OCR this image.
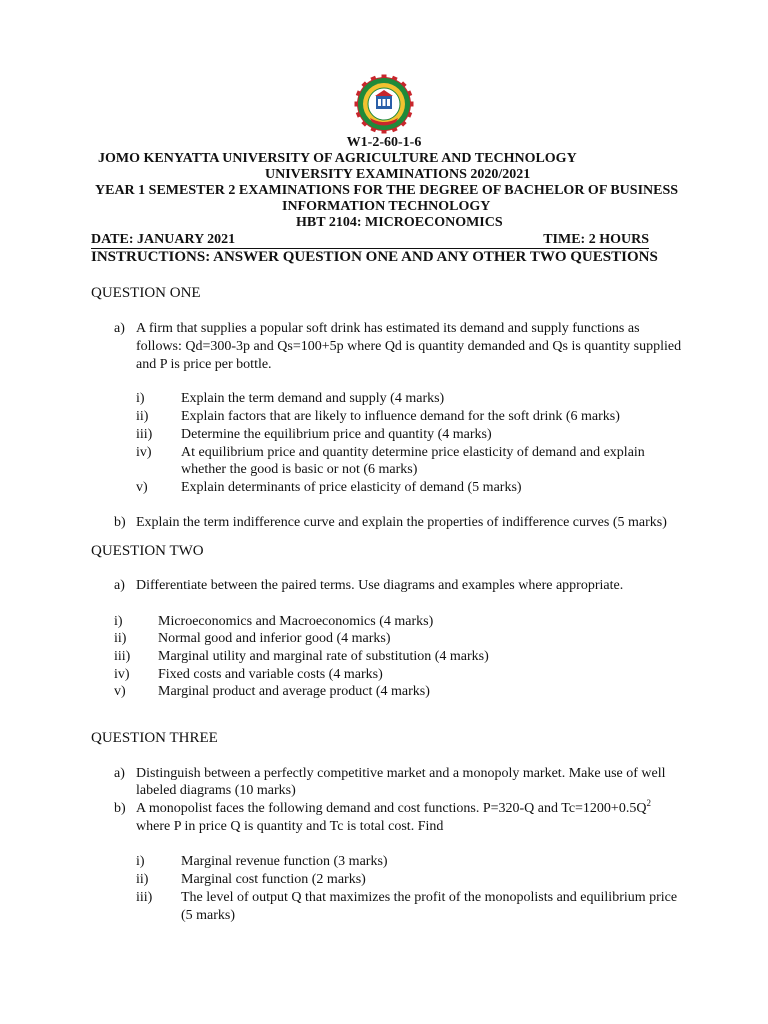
W1-2-60-1-6
JOMO KENYATTA UNIVERSITY OF AGRICULTURE AND TECHNOLOGY
UNIVERSITY EXAMINATIONS 2020/2021
YEAR 1 SEMESTER 2 EXAMINATIONS FOR THE DEGREE OF BACHELOR OF BUSINESS
INFORMATION TECHNOLOGY
HBT 2104: MICROECONOMICS
DATE: JANUARY 2021	TIME: 2 HOURS
INSTRUCTIONS: ANSWER QUESTION ONE AND ANY OTHER TWO QUESTIONS
QUESTION ONE
a) A firm that supplies a popular soft drink has estimated its demand and supply functions as
follows: Qd=300-3p and Qs=100+5p where Qd is quantity demanded and Qs is quantity supplied
and P is price per bottle.
i)	Explain the term demand and supply (4 marks)
ii) Explain factors that are likely to influence demand for the soft drink (6 marks)
iii) Determine the equilibrium price and quantity (4 marks)
iv) At equilibrium price and quantity determine price elasticity of demand and explain
whether the good is basic or not (6 marks)
v) Explain determinants of price elasticity of demand (5 marks)
b) Explain the term indifference curve and explain the properties of indifference curves (5 marks)
QUESTION TWO
a) Differentiate between the paired terms. Use diagrams and examples where appropriate.
i)	Microeconomics and Macroeconomics (4 marks)
ii) Normal good and inferior good (4 marks)
iii) Marginal utility and marginal rate of substitution (4 marks)
iv) Fixed costs and variable costs (4 marks)
v) Marginal product and average product (4 marks)
QUESTION THREE
a) Distinguish between a perfectly competitive market and a monopoly market. Make use of well
labeled diagrams (10 marks)
b) A monopolist faces the following demand and cost functions. P=320-Q and $Tc=1200+0.5Q^2$
where P in price Q is quantity and Tc is total cost. Find
i)	Marginal revenue function (3 marks)
ii) Marginal cost function (2 marks)
iii) The level of output Q that maximizes the profit of the monopolists and equilibrium price
(5 marks)
